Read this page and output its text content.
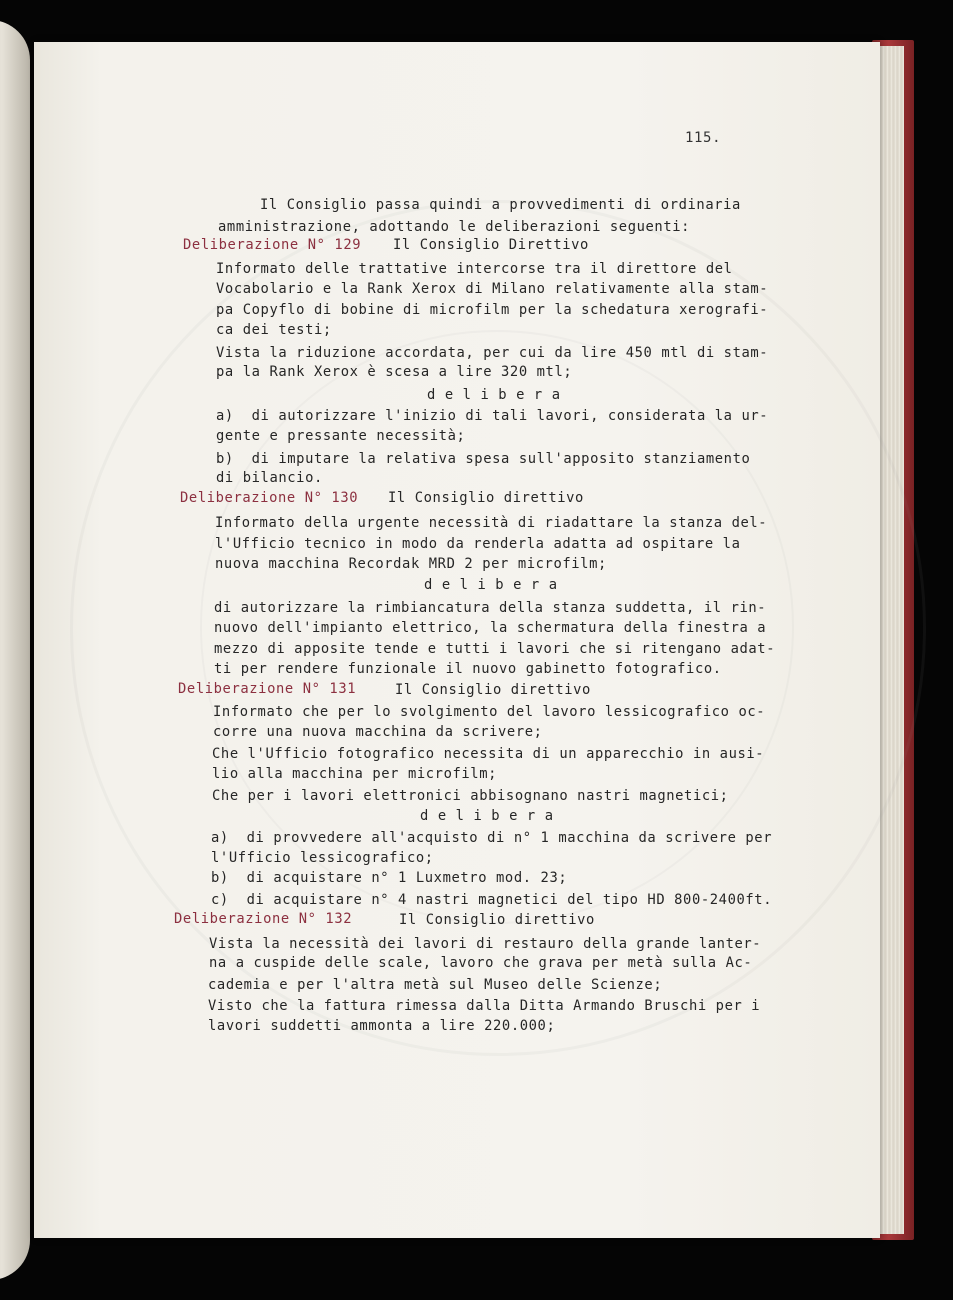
115.
Il Consiglio passa quindi a provvedimenti di ordinaria
amministrazione, adottando le deliberazioni seguenti:
Deliberazione N° 129 Il Consiglio Direttivo
Informato delle trattative intercorse tra il direttore del
Vocabolario e la Rank Xerox di Milano relativamente alla stam-
pa Copyflo di bobine di microfilm per la schedatura xerografi-
ca dei testi;
Vista la riduzione accordata, per cui da lire 450 mtl di stam-
pa la Rank Xerox è scesa a lire 320 mtl;
d e l i b e r a
a)  di autorizzare l'inizio di tali lavori, considerata la ur-
gente e pressante necessità;
b)  di imputare la relativa spesa sull'apposito stanziamento
di bilancio.
Deliberazione N° 130 Il Consiglio direttivo
Informato della urgente necessità di riadattare la stanza del-
l'Ufficio tecnico in modo da renderla adatta ad ospitare la
nuova macchina Recordak MRD 2 per microfilm;
d e l i b e r a
di autorizzare la rimbiancatura della stanza suddetta, il rin-
nuovo dell'impianto elettrico, la schermatura della finestra a
mezzo di apposite tende e tutti i lavori che si ritengano adat-
ti per rendere funzionale il nuovo gabinetto fotografico.
Deliberazione N° 131	Il Consiglio direttivo
Informato che per lo svolgimento del lavoro lessicografico oc-
corre una nuova macchina da scrivere;
Che l'Ufficio fotografico necessita di un apparecchio in ausi-
lio alla macchina per microfilm;
Che per i lavori elettronici abbisognano nastri magnetici;
d e l i b e r a
a)  di provvedere all'acquisto di n° 1 macchina da scrivere per
l'Ufficio lessicografico;
b)  di acquistare n° 1 Luxmetro mod. 23;
c)  di acquistare n° 4 nastri magnetici del tipo HD 800-2400ft.
Deliberazione N° 132	Il Consiglio direttivo
Vista la necessità dei lavori di restauro della grande lanter-
na a cuspide delle scale, lavoro che grava per metà sulla Ac-
cademia e per l'altra metà sul Museo delle Scienze;
Visto che la fattura rimessa dalla Ditta Armando Bruschi per i
lavori suddetti ammonta a lire 220.000;
